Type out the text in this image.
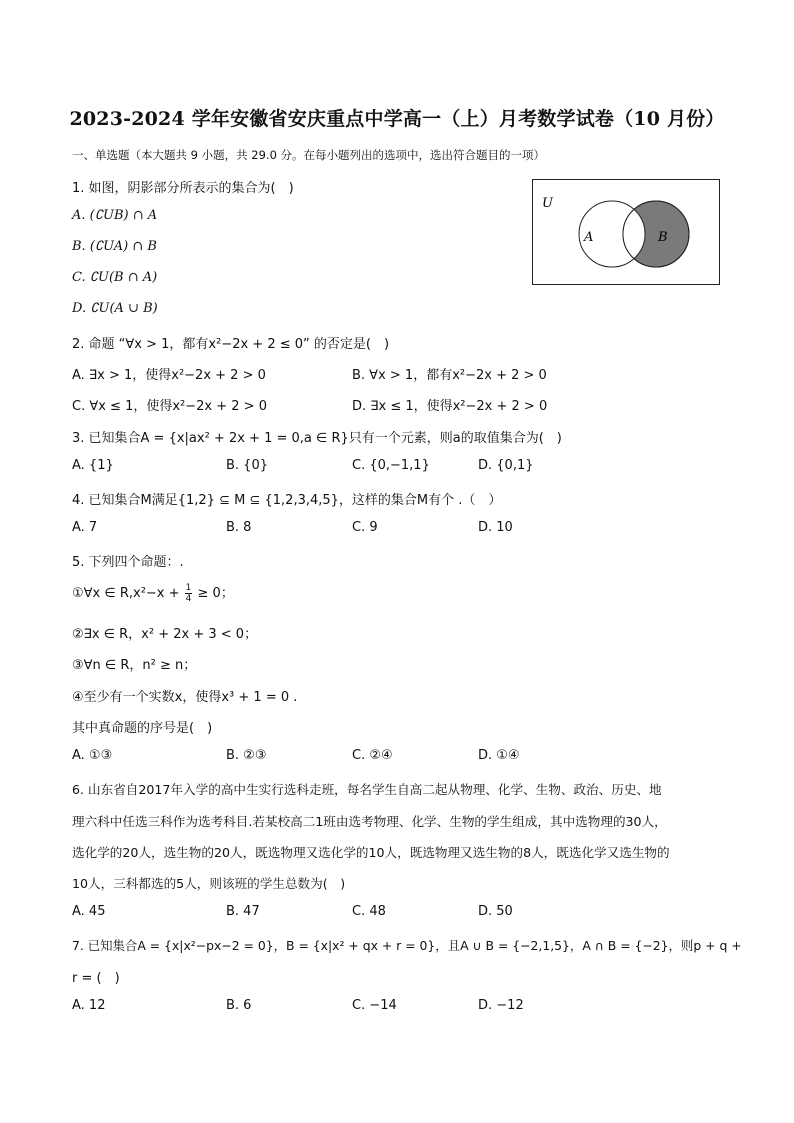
2023-2024 学年安徽省安庆重点中学高一（上）月考数学试卷（10 月份）
一、单选题（本大题共 9 小题，共 29.0 分。在每小题列出的选项中，选出符合题目的一项）
1. 如图，阴影部分所表示的集合为(　)
A. (∁UB) ∩ A
B. (∁UA) ∩ B
C. ∁U(B ∩ A)
D. ∁U(A ∪ B)
U
A	B
2. 命题 “∀x > 1，都有x²−2x + 2 ≤ 0” 的否定是(　)
A. ∃x > 1，使得x²−2x + 2 > 0	B. ∀x > 1，都有x²−2x + 2 > 0
C. ∀x ≤ 1，使得x²−2x + 2 > 0	D. ∃x ≤ 1，使得x²−2x + 2 > 0
3. 已知集合A = {x|ax² + 2x + 1 = 0,a ∈ R}只有一个元素，则a的取值集合为(　)
A. {1}	B. {0}	C. {0,−1,1}	D. {0,1}
4. 已知集合M满足{1,2} ⊆ M ⊆ {1,2,3,4,5}，这样的集合M有个 .（　）
A. 7	B. 8	C. 9	D. 10
5. 下列四个命题：.
①∀x ∈ $R,x^2-x + \frac{1}{4} \ge 0$；
②∃x ∈ R，x² + 2x + 3 < 0；
③∀n ∈ R，n² ≥ n；
④至少有一个实数x，使得x³ + 1 = 0 .
其中真命题的序号是(　)
A. ①③	B. ②③	C. ②④	D. ①④
6. 山东省自2017年入学的高中生实行选科走班，每名学生自高二起从物理、化学、生物、政治、历史、地
理六科中任选三科作为选考科目.若某校高二1班由选考物理、化学、生物的学生组成，其中选物理的30人，
选化学的20人，选生物的20人，既选物理又选化学的10人，既选物理又选生物的8人，既选化学又选生物的
10人，三科都选的5人，则该班的学生总数为(　)
A. 45	B. 47	C. 48	D. 50
7. 已知集合A = {x|x²−px−2 = 0}，B = {x|x² + qx + r = 0}，且A ∪ B = {−2,1,5}，A ∩ B = {−2}，则p + q +
r = (　)
A. 12	B. 6	C. −14	D. −12
